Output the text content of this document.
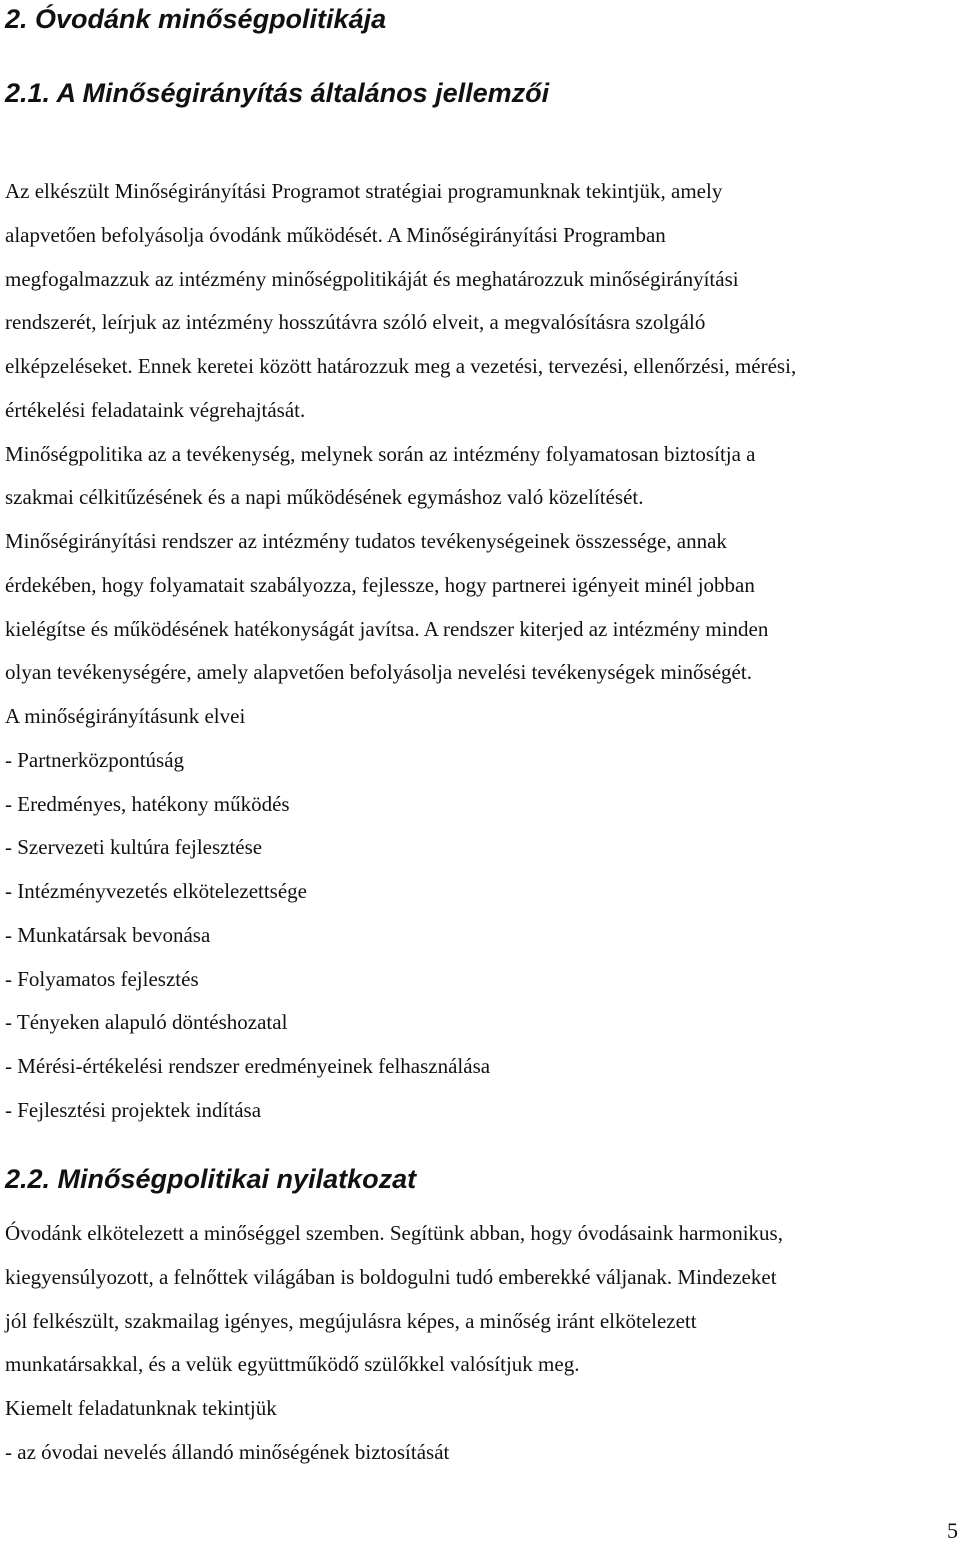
2. Óvodánk minőségpolitikája
2.1. A Minőségirányítás általános jellemzői
Az elkészült Minőségirányítási Programot stratégiai programunknak tekintjük, amely
alapvetően befolyásolja óvodánk működését. A Minőségirányítási Programban
megfogalmazzuk az intézmény minőségpolitikáját és meghatározzuk minőségirányítási
rendszerét, leírjuk az intézmény hosszútávra szóló elveit, a megvalósításra szolgáló
elképzeléseket. Ennek keretei között határozzuk meg a vezetési, tervezési, ellenőrzési, mérési,
értékelési feladataink végrehajtását.
Minőségpolitika az a tevékenység, melynek során az intézmény folyamatosan biztosítja a
szakmai célkitűzésének és a napi működésének egymáshoz való közelítését.
Minőségirányítási rendszer az intézmény tudatos tevékenységeinek összessége, annak
érdekében, hogy folyamatait szabályozza, fejlessze, hogy partnerei igényeit minél jobban
kielégítse és működésének hatékonyságát javítsa. A rendszer kiterjed az intézmény minden
olyan tevékenységére, amely alapvetően befolyásolja nevelési tevékenységek minőségét.
A minőségirányításunk elvei
- Partnerközpontúság
- Eredményes, hatékony működés
- Szervezeti kultúra fejlesztése
- Intézményvezetés elkötelezettsége
- Munkatársak bevonása
- Folyamatos fejlesztés
- Tényeken alapuló döntéshozatal
- Mérési-értékelési rendszer eredményeinek felhasználása
- Fejlesztési projektek indítása
2.2. Minőségpolitikai nyilatkozat
Óvodánk elkötelezett a minőséggel szemben. Segítünk abban, hogy óvodásaink harmonikus,
kiegyensúlyozott, a felnőttek világában is boldogulni tudó emberekké váljanak. Mindezeket
jól felkészült, szakmailag igényes, megújulásra képes, a minőség iránt elkötelezett
munkatársakkal, és a velük együttműködő szülőkkel valósítjuk meg.
Kiemelt feladatunknak tekintjük
- az óvodai nevelés állandó minőségének biztosítását
5
